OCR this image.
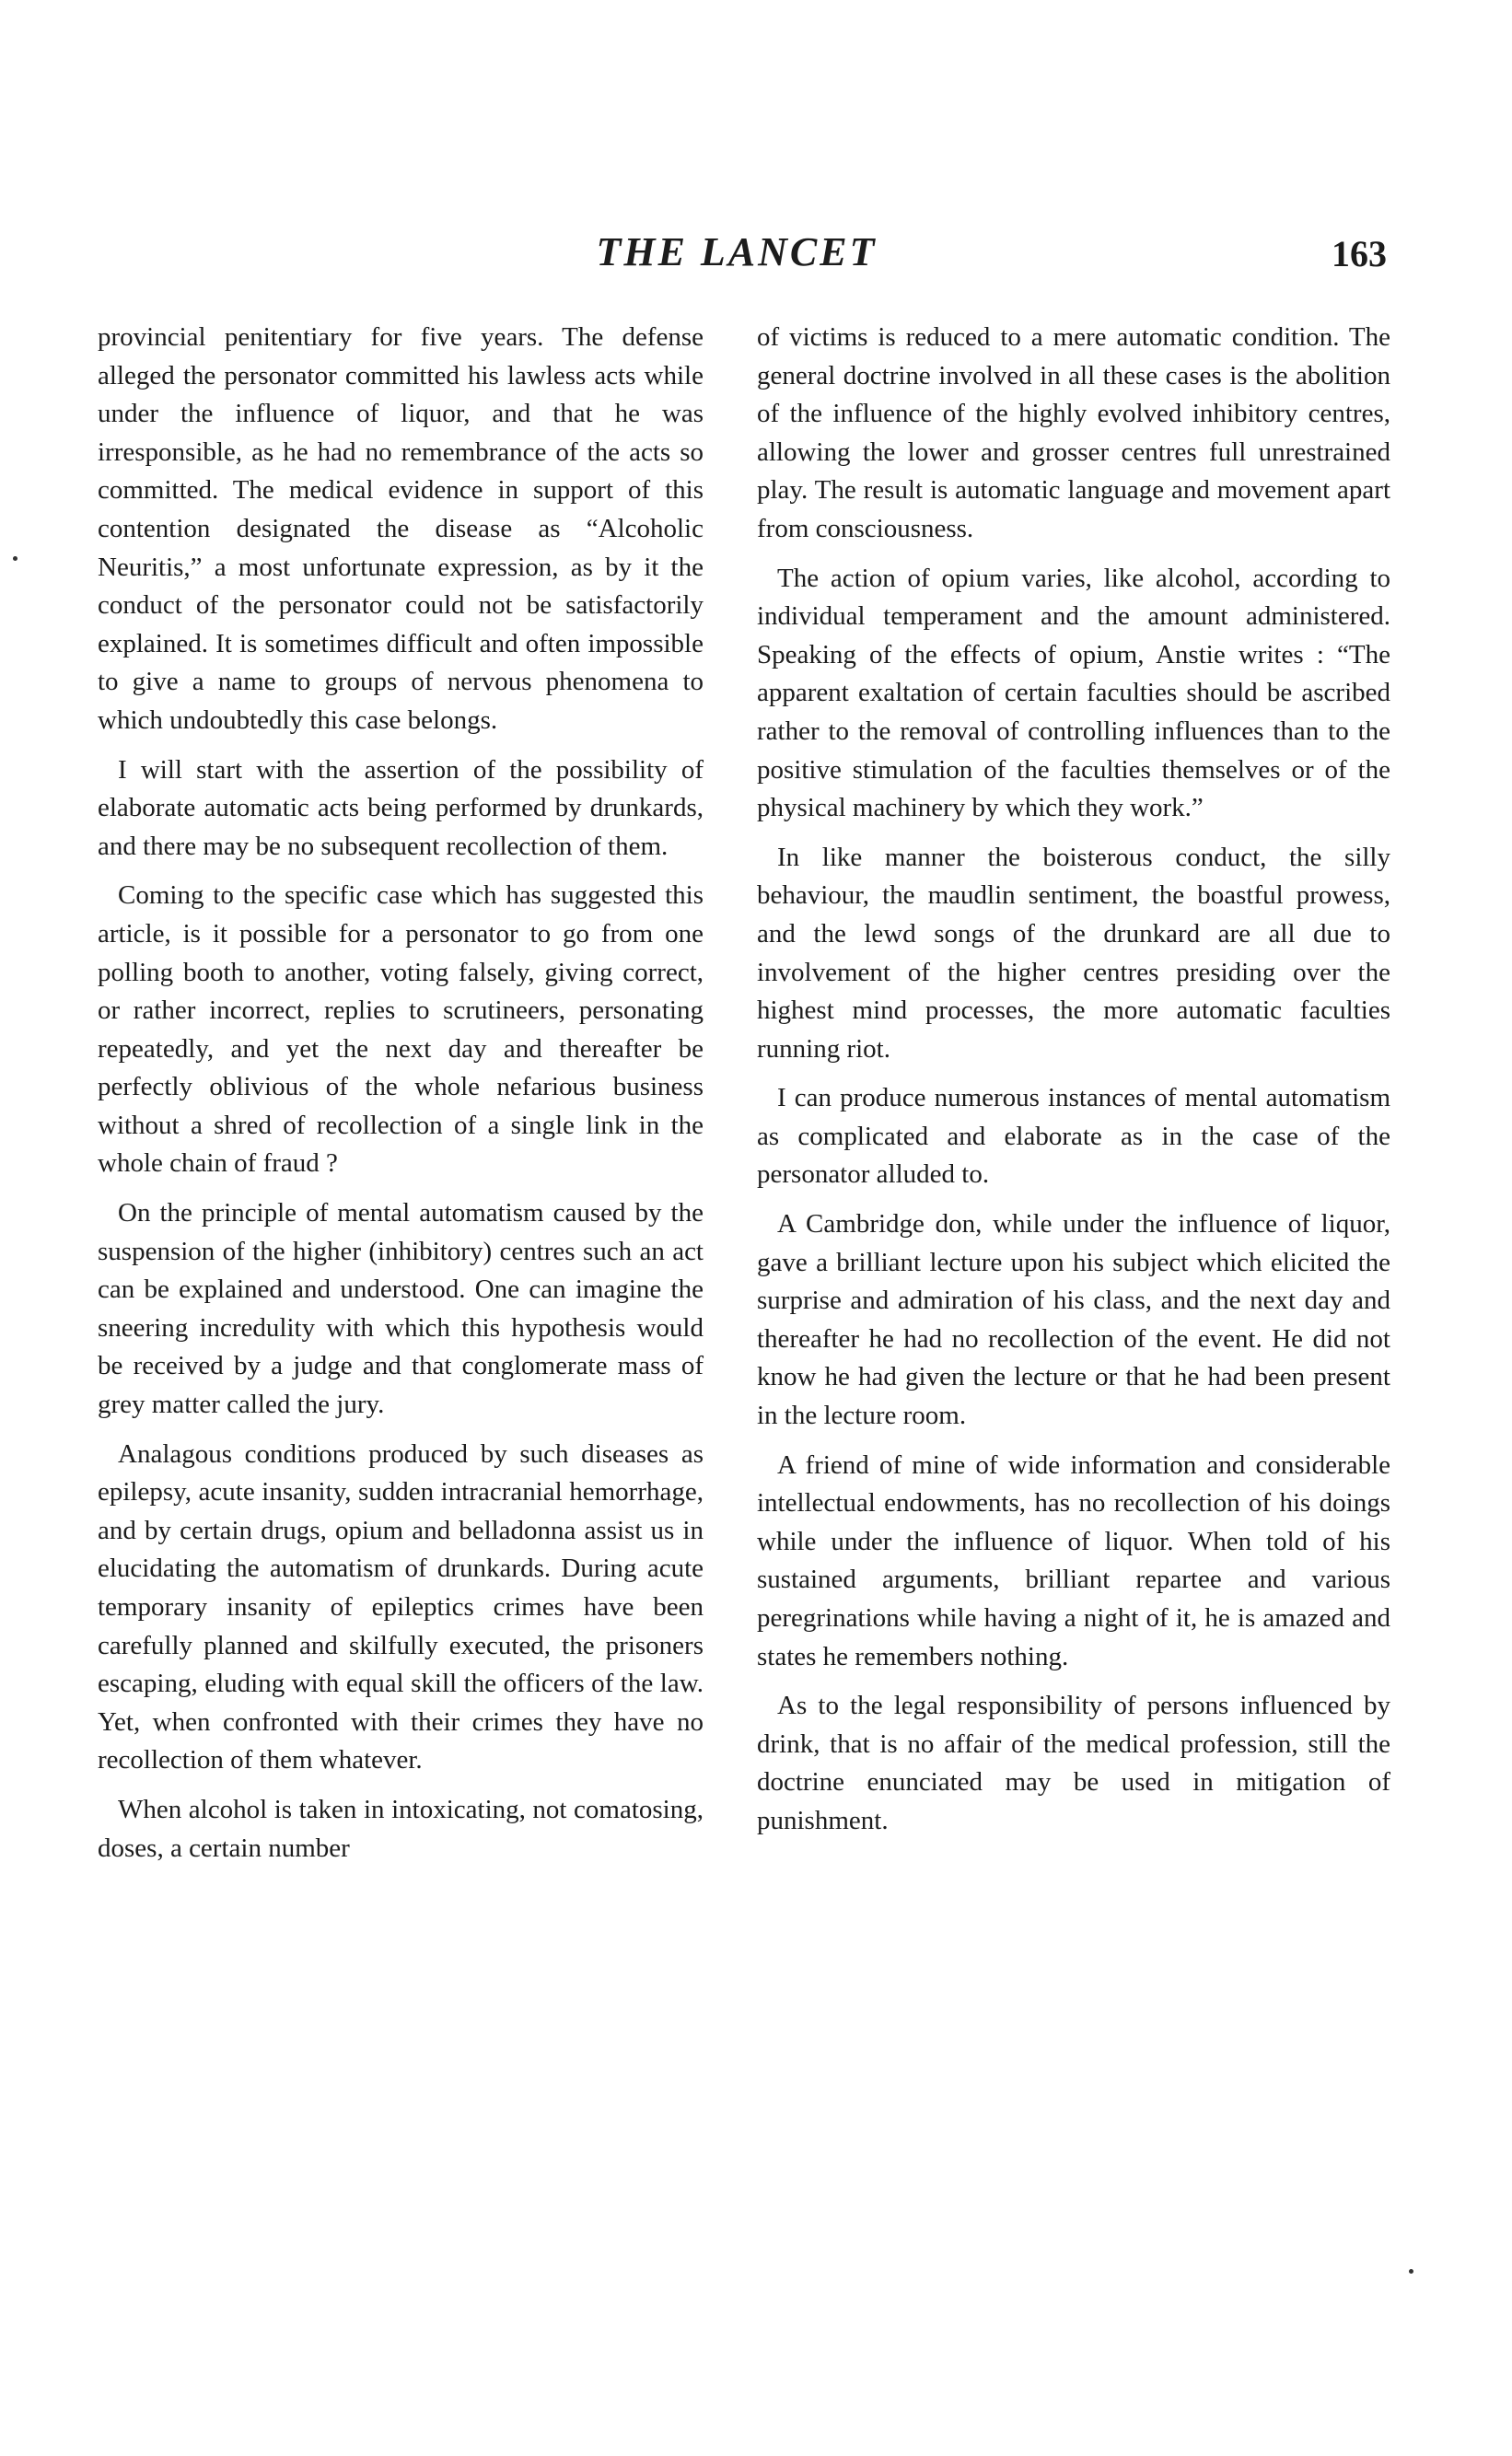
THE LANCET	163

provincial penitentiary for five years. The defense alleged the personator committed his lawless acts while under the influence of liquor, and that he was irresponsible, as he had no remembrance of the acts so committed. The medical evidence in support of this contention designated the disease as “Alcoholic Neuritis,” a most unfortunate expression, as by it the conduct of the personator could not be satisfactorily explained. It is sometimes difficult and often impossible to give a name to groups of nervous phenomena to which undoubtedly this case belongs.

I will start with the assertion of the possibility of elaborate automatic acts being performed by drunkards, and there may be no subsequent recollection of them.

Coming to the specific case which has suggested this article, is it possible for a personator to go from one polling booth to another, voting falsely, giving correct, or rather incorrect, replies to scrutineers, personating repeatedly, and yet the next day and thereafter be perfectly oblivious of the whole nefarious business without a shred of recollection of a single link in the whole chain of fraud ?

On the principle of mental automatism caused by the suspension of the higher (inhibitory) centres such an act can be explained and understood. One can imagine the sneering incredulity with which this hypothesis would be received by a judge and that conglomerate mass of grey matter called the jury.

Analagous conditions produced by such diseases as epilepsy, acute insanity, sudden intracranial hemorrhage, and by certain drugs, opium and belladonna assist us in elucidating the automatism of drunkards. During acute temporary insanity of epileptics crimes have been carefully planned and skilfully executed, the prisoners escaping, eluding with equal skill the officers of the law. Yet, when confronted with their crimes they have no recollection of them whatever.

When alcohol is taken in intoxicating, not comatosing, doses, a certain number

of victims is reduced to a mere automatic condition. The general doctrine involved in all these cases is the abolition of the influence of the highly evolved inhibitory centres, allowing the lower and grosser centres full unrestrained play. The result is automatic language and movement apart from consciousness.

The action of opium varies, like alcohol, according to individual temperament and the amount administered. Speaking of the effects of opium, Anstie writes : “The apparent exaltation of certain faculties should be ascribed rather to the removal of controlling influences than to the positive stimulation of the faculties themselves or of the physical machinery by which they work.”

In like manner the boisterous conduct, the silly behaviour, the maudlin sentiment, the boastful prowess, and the lewd songs of the drunkard are all due to involvement of the higher centres presiding over the highest mind processes, the more automatic faculties running riot.

I can produce numerous instances of mental automatism as complicated and elaborate as in the case of the personator alluded to.

A Cambridge don, while under the influence of liquor, gave a brilliant lecture upon his subject which elicited the surprise and admiration of his class, and the next day and thereafter he had no recollection of the event. He did not know he had given the lecture or that he had been present in the lecture room.

A friend of mine of wide information and considerable intellectual endowments, has no recollection of his doings while under the influence of liquor. When told of his sustained arguments, brilliant repartee and various peregrinations while having a night of it, he is amazed and states he remembers nothing.

As to the legal responsibility of persons influenced by drink, that is no affair of the medical profession, still the doctrine enunciated may be used in mitigation of punishment.
